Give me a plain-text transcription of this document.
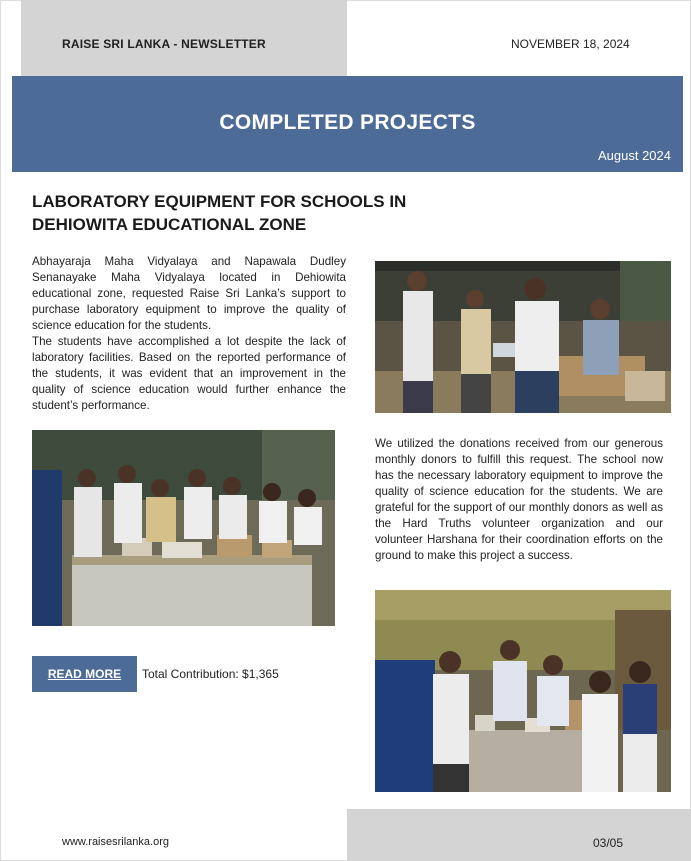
RAISE SRI LANKA - NEWSLETTER	NOVEMBER 18, 2024
COMPLETED PROJECTS
August 2024
LABORATORY EQUIPMENT FOR SCHOOLS IN DEHIOWITA EDUCATIONAL ZONE

Abhayaraja Maha Vidyalaya and Napawala Dudley Senanayake Maha Vidyalaya located in Dehiowita educational zone, requested Raise Sri Lanka’s support to purchase laboratory equipment to improve the quality of science education for the students.

The students have accomplished a lot despite the lack of laboratory facilities. Based on the reported performance of the students, it was evident that an improvement in the quality of science education would further enhance the student’s performance.

We utilized the donations received from our generous monthly donors to fulfill this request. The school now has the necessary laboratory equipment to improve the quality of science education for the students. We are grateful for the support of our monthly donors as well as the Hard Truths volunteer organization and our volunteer Harshana for their coordination efforts on the ground to make this project a success.

READ MORE	Total Contribution: $1,365
www.raisesrilanka.org	03/05
